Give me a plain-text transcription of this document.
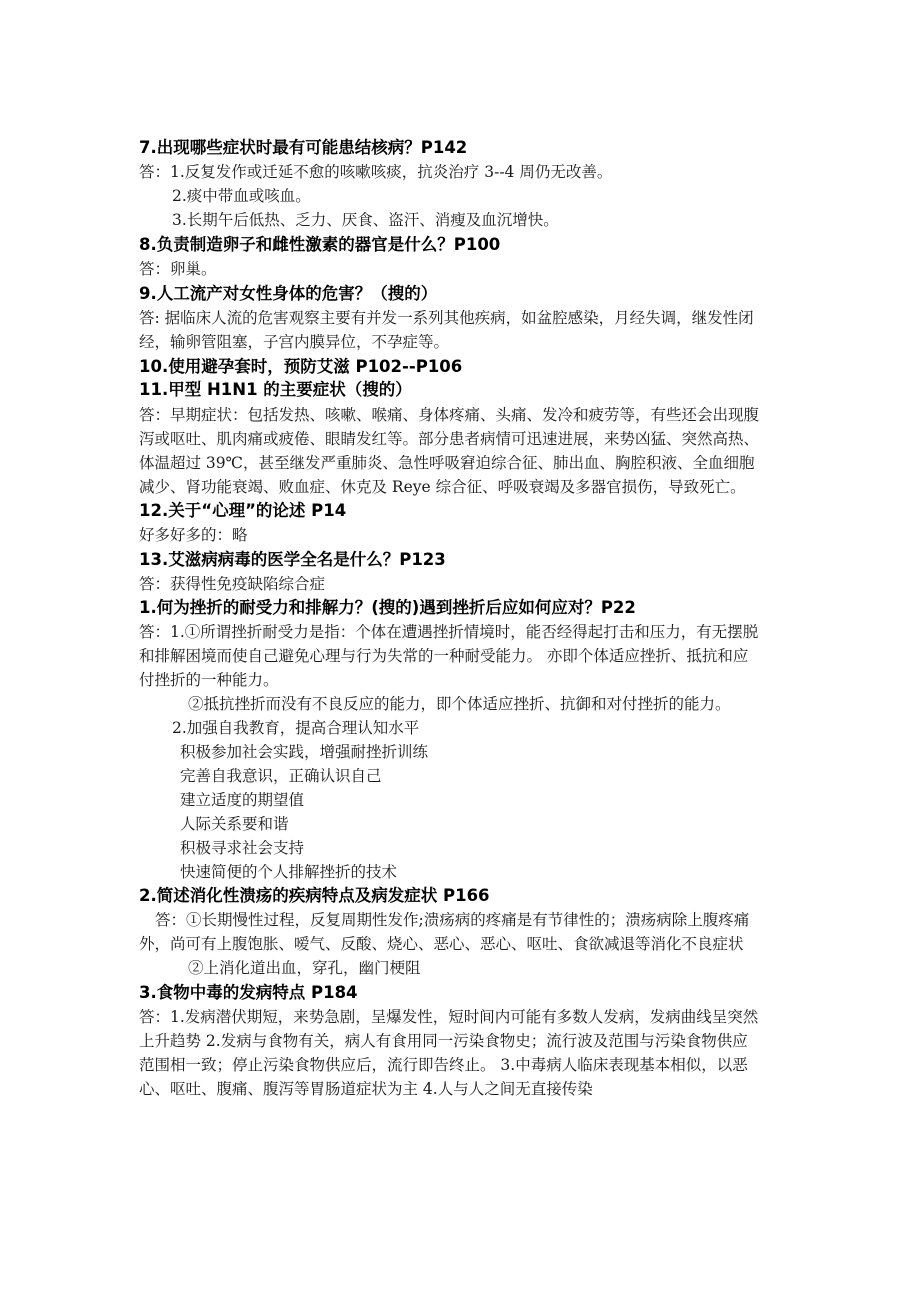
7.出现哪些症状时最有可能患结核病？P142
答：1.反复发作或迁延不愈的咳嗽咳痰，抗炎治疗 3--4 周仍无改善。
2.痰中带血或咳血。
3.长期午后低热、乏力、厌食、盗汗、消瘦及血沉增快。
8.负责制造卵子和雌性激素的器官是什么？P100
答：卵巢。
9.人工流产对女性身体的危害？（搜的）
答: 据临床人流的危害观察主要有并发一系列其他疾病，如盆腔感染，月经失调，继发性闭
经，输卵管阻塞，子宫内膜异位，不孕症等。
10.使用避孕套时，预防艾滋 P102--P106
11.甲型 H1N1 的主要症状（搜的）
答：早期症状：包括发热、咳嗽、喉痛、身体疼痛、头痛、发冷和疲劳等，有些还会出现腹
泻或呕吐、肌肉痛或疲倦、眼睛发红等。部分患者病情可迅速进展，来势凶猛、突然高热、
体温超过 39℃，甚至继发严重肺炎、急性呼吸窘迫综合征、肺出血、胸腔积液、全血细胞
减少、肾功能衰竭、败血症、休克及 Reye 综合征、呼吸衰竭及多器官损伤，导致死亡。
12.关于“心理”的论述 P14
好多好多的：略
13.艾滋病病毒的医学全名是什么？P123
答：获得性免疫缺陷综合症
1.何为挫折的耐受力和排解力？(搜的)遇到挫折后应如何应对？P22
答：1.①所谓挫折耐受力是指：个体在遭遇挫折情境时，能否经得起打击和压力，有无摆脱
和排解困境而使自己避免心理与行为失常的一种耐受能力。 亦即个体适应挫折、抵抗和应
付挫折的一种能力。
②抵抗挫折而没有不良反应的能力，即个体适应挫折、抗御和对付挫折的能力。
2.加强自我教育，提高合理认知水平
积极参加社会实践，增强耐挫折训练
完善自我意识，正确认识自己
建立适度的期望值
人际关系要和谐
积极寻求社会支持
快速简便的个人排解挫折的技术
2.简述消化性溃疡的疾病特点及病发症状 P166
答：①长期慢性过程，反复周期性发作;溃疡病的疼痛是有节律性的；溃疡病除上腹疼痛
外，尚可有上腹饱胀、嗳气、反酸、烧心、恶心、恶心、呕吐、食欲减退等消化不良症状
②上消化道出血，穿孔，幽门梗阻
3.食物中毒的发病特点 P184
答：1.发病潜伏期短，来势急剧，呈爆发性，短时间内可能有多数人发病，发病曲线呈突然
上升趋势 2.发病与食物有关，病人有食用同一污染食物史；流行波及范围与污染食物供应
范围相一致；停止污染食物供应后，流行即告终止。 3.中毒病人临床表现基本相似，以恶
心、呕吐、腹痛、腹泻等胃肠道症状为主 4.人与人之间无直接传染
